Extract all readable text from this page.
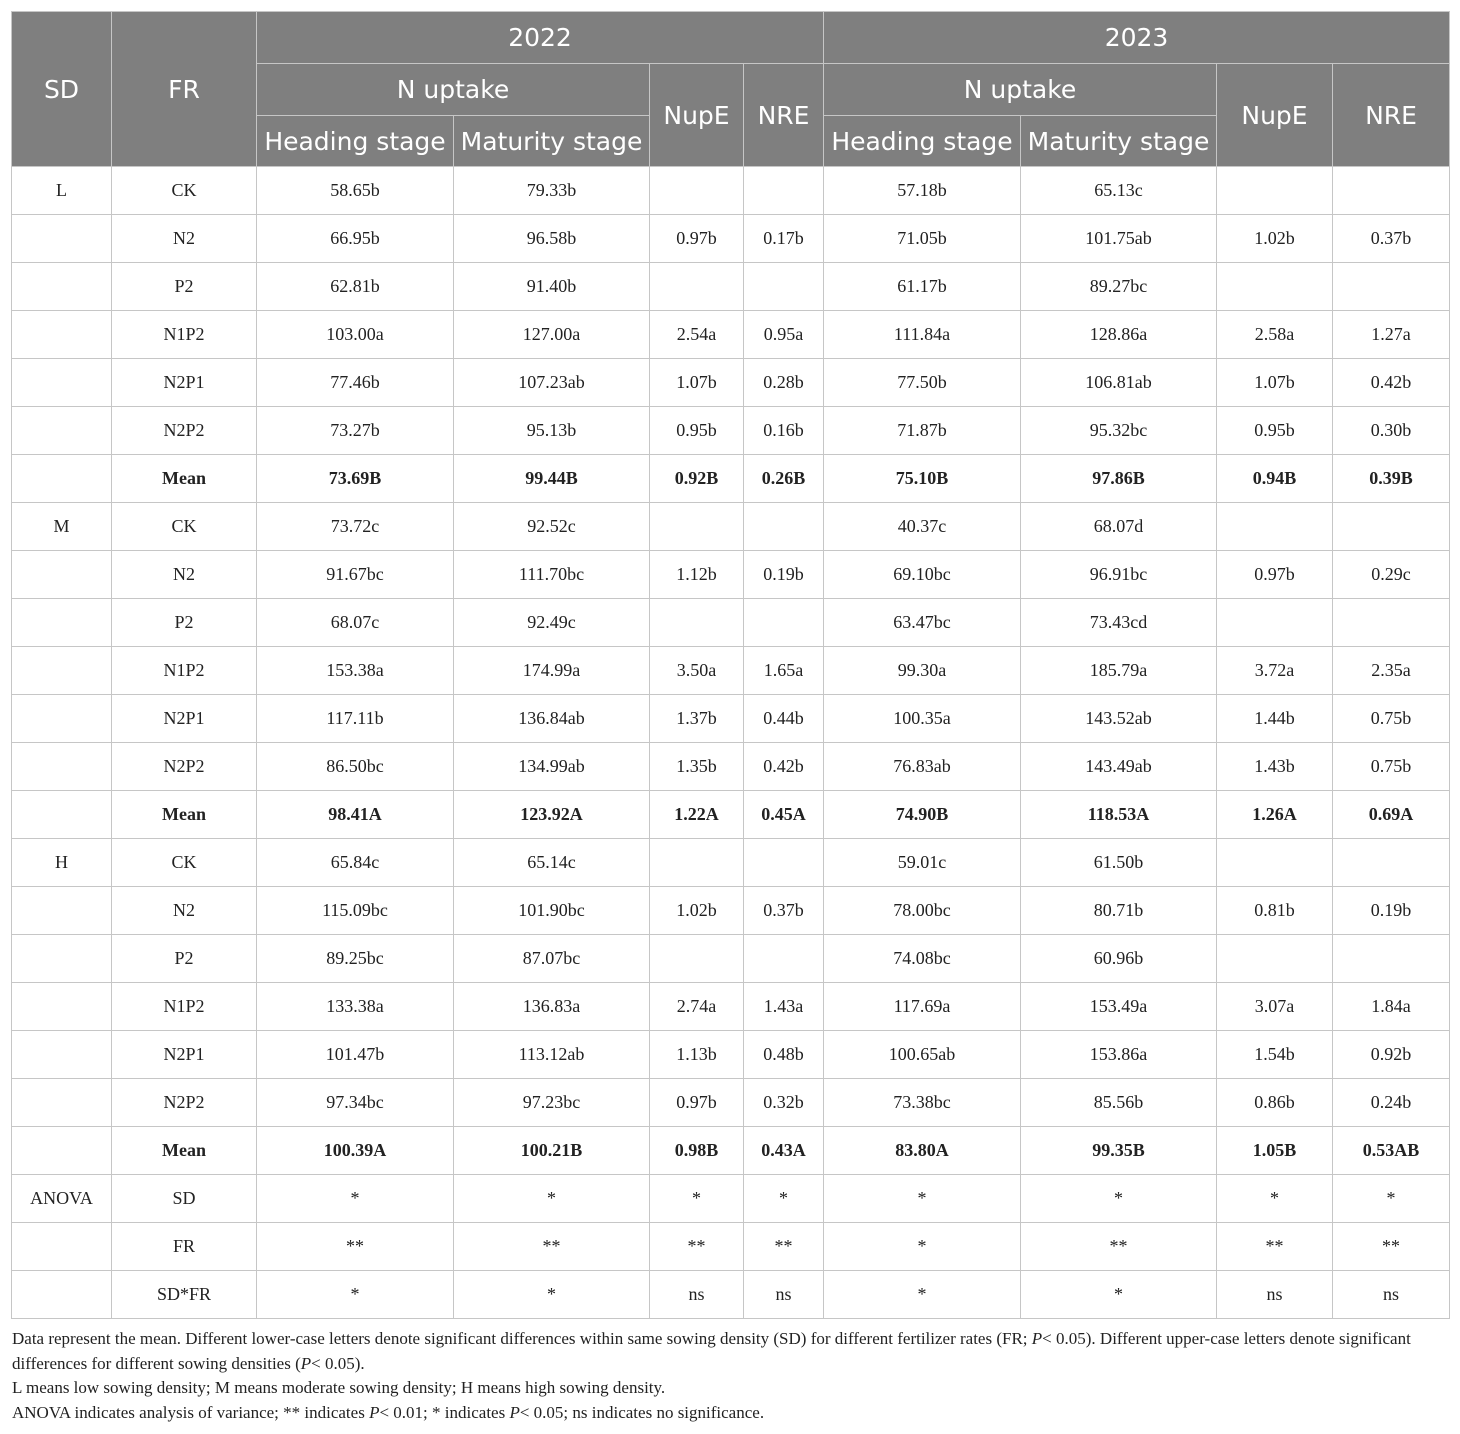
SD	FR	2022				2023			
		N uptake		NupE	NRE	N uptake		NupE	NRE
		Heading stage	Maturity stage			Heading stage	Maturity stage		
L	CK	58.65b	79.33b			57.18b	65.13c		
	N2	66.95b	96.58b	0.97b	0.17b	71.05b	101.75ab	1.02b	0.37b
	P2	62.81b	91.40b			61.17b	89.27bc		
	N1P2	103.00a	127.00a	2.54a	0.95a	111.84a	128.86a	2.58a	1.27a
	N2P1	77.46b	107.23ab	1.07b	0.28b	77.50b	106.81ab	1.07b	0.42b
	N2P2	73.27b	95.13b	0.95b	0.16b	71.87b	95.32bc	0.95b	0.30b
	Mean	73.69B	99.44B	0.92B	0.26B	75.10B	97.86B	0.94B	0.39B
M	CK	73.72c	92.52c			40.37c	68.07d		
	N2	91.67bc	111.70bc	1.12b	0.19b	69.10bc	96.91bc	0.97b	0.29c
	P2	68.07c	92.49c			63.47bc	73.43cd		
	N1P2	153.38a	174.99a	3.50a	1.65a	99.30a	185.79a	3.72a	2.35a
	N2P1	117.11b	136.84ab	1.37b	0.44b	100.35a	143.52ab	1.44b	0.75b
	N2P2	86.50bc	134.99ab	1.35b	0.42b	76.83ab	143.49ab	1.43b	0.75b
	Mean	98.41A	123.92A	1.22A	0.45A	74.90B	118.53A	1.26A	0.69A
H	CK	65.84c	65.14c			59.01c	61.50b		
	N2	115.09bc	101.90bc	1.02b	0.37b	78.00bc	80.71b	0.81b	0.19b
	P2	89.25bc	87.07bc			74.08bc	60.96b		
	N1P2	133.38a	136.83a	2.74a	1.43a	117.69a	153.49a	3.07a	1.84a
	N2P1	101.47b	113.12ab	1.13b	0.48b	100.65ab	153.86a	1.54b	0.92b
	N2P2	97.34bc	97.23bc	0.97b	0.32b	73.38bc	85.56b	0.86b	0.24b
	Mean	100.39A	100.21B	0.98B	0.43A	83.80A	99.35B	1.05B	0.53AB
ANOVA	SD	*	*	*	*	*	*	*	*
	FR	**	**	**	**	*	**	**	**
	SD*FR	*	*	ns	ns	*	*	ns	ns

Data represent the mean. Different lower-case letters denote significant differences within same sowing density (SD) for different fertilizer rates (FR; P< 0.05). Different upper-case letters denote significant differences for different sowing densities (P< 0.05).

L means low sowing density; M means moderate sowing density; H means high sowing density.

ANOVA indicates analysis of variance; ** indicates P< 0.01; * indicates P< 0.05; ns indicates no significance.
